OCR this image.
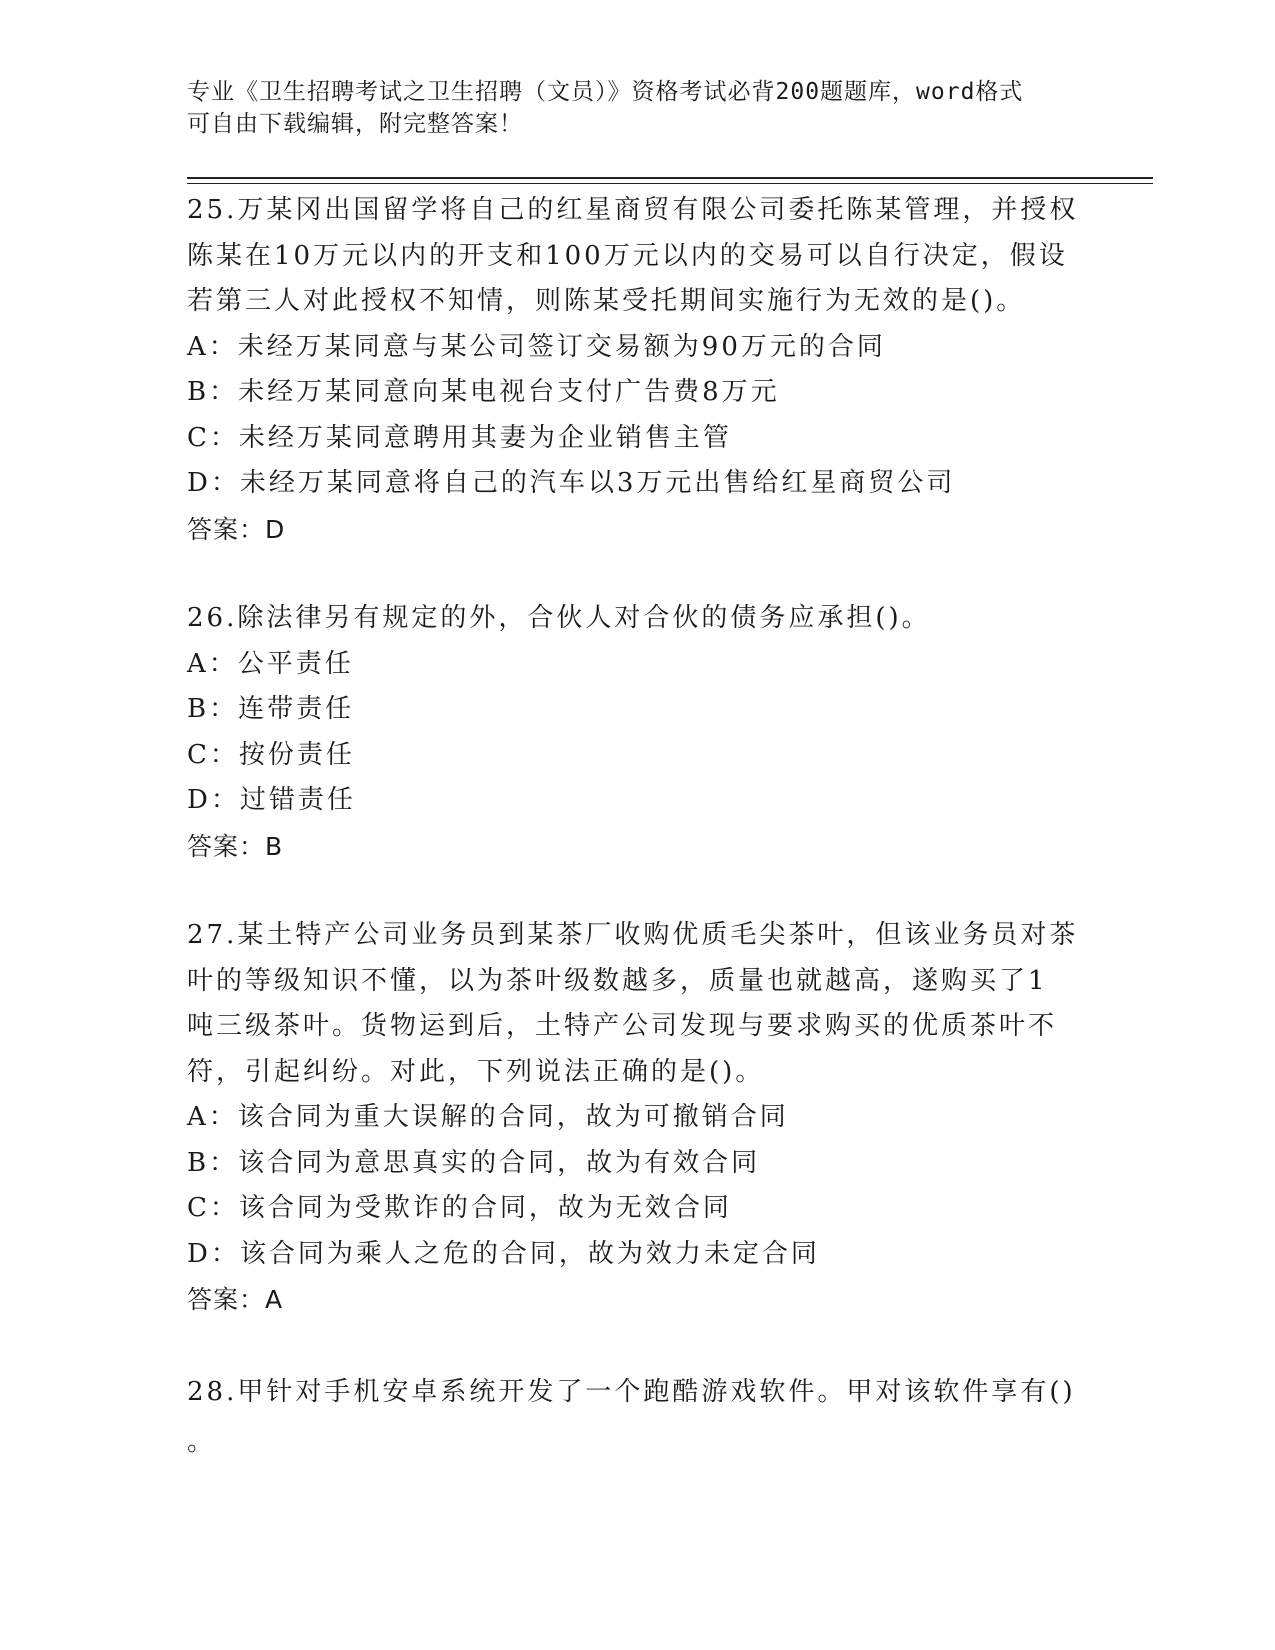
专业《卫生招聘考试之卫生招聘（文员）》资格考试必背200题题库，word格式
可自由下载编辑，附完整答案！
25.万某冈出国留学将自己的红星商贸有限公司委托陈某管理，并授权
陈某在10万元以内的开支和100万元以内的交易可以自行决定，假设
若第三人对此授权不知情，则陈某受托期间实施行为无效的是()。
A：未经万某同意与某公司签订交易额为90万元的合同
B：未经万某同意向某电视台支付广告费8万元
C：未经万某同意聘用其妻为企业销售主管
D：未经万某同意将自己的汽车以3万元出售给红星商贸公司
答案：D
26.除法律另有规定的外，合伙人对合伙的债务应承担()。
A：公平责任
B：连带责任
C：按份责任
D：过错责任
答案：B
27.某土特产公司业务员到某茶厂收购优质毛尖茶叶，但该业务员对茶
叶的等级知识不懂，以为茶叶级数越多，质量也就越高，遂购买了1
吨三级茶叶。货物运到后，土特产公司发现与要求购买的优质茶叶不
符，引起纠纷。对此，下列说法正确的是()。
A：该合同为重大误解的合同，故为可撤销合同
B：该合同为意思真实的合同，故为有效合同
C：该合同为受欺诈的合同，故为无效合同
D：该合同为乘人之危的合同，故为效力未定合同
答案：A
28.甲针对手机安卓系统开发了一个跑酷游戏软件。甲对该软件享有()
。
